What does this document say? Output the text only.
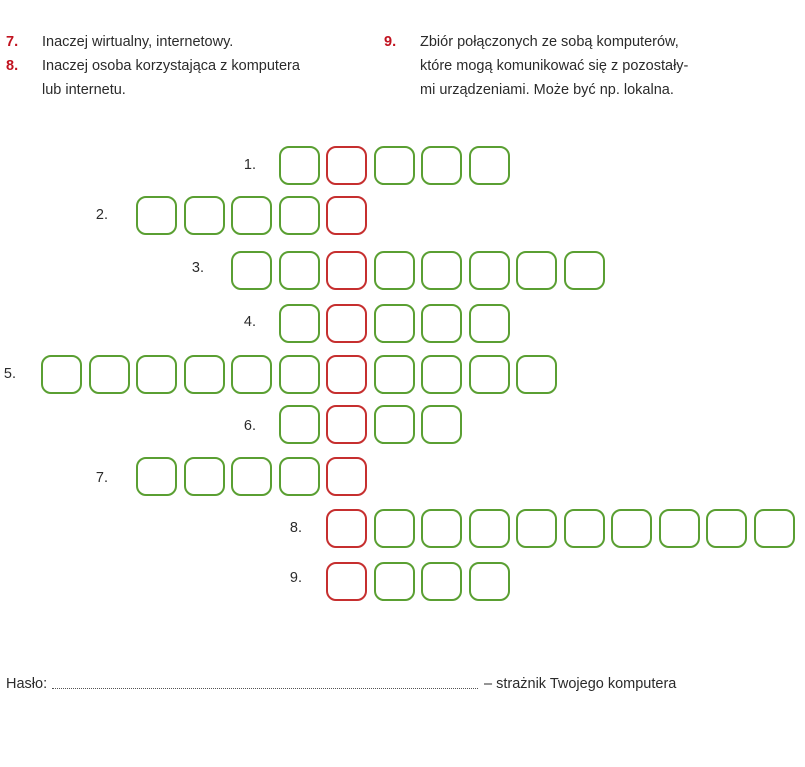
7. Inaczej wirtualny, internetowy.
8. Inaczej osoba korzystająca z komputera
lub internetu.
9. Zbiór połączonych ze sobą komputerów,
które mogą komunikować się z pozostały-
mi urządzeniami. Może być np. lokalna.
1.
2.
3.
4.
5.
6.
7.
8.
9.
Hasło:	– strażnik Twojego komputera
